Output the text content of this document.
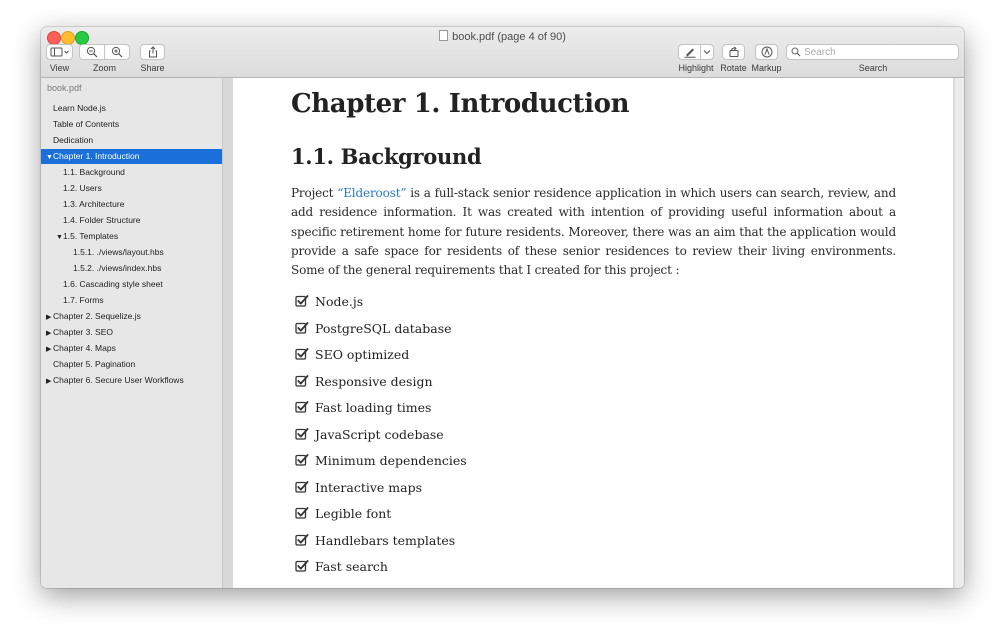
book.pdf (page 4 of 90)
View	Zoom	Share	Highlight Rotate Markup
Search	Search
book.pdf
Learn Node.js
Table of Contents
Dedication
▼Chapter 1. Introduction
1.1. Background
1.2. Users
1.3. Architecture
1.4. Folder Structure
▼1.5. Templates
1.5.1. ./views/layout.hbs
1.5.2. ./views/index.hbs
1.6. Cascading style sheet
1.7. Forms
▶ Chapter 2. Sequelize.js
▶ Chapter 3. SEO
▶ Chapter 4. Maps
Chapter 5. Pagination
▶ Chapter 6. Secure User Workflows
Chapter 1. Introduction
1.1. Background

Project “Elderoost” is a full-stack senior residence application in which users can search, review, and add residence information. It was created with intention of providing useful information about a specific retirement home for future residents. Moreover, there was an aim that the application would provide a safe space for residents of these senior residences to review their living environments. Some of the general requirements that I created for this project :

Node.js
PostgreSQL database
SEO optimized
Responsive design
Fast loading times
JavaScript codebase
Minimum dependencies
Interactive maps
Legible font
Handlebars templates
Fast search
